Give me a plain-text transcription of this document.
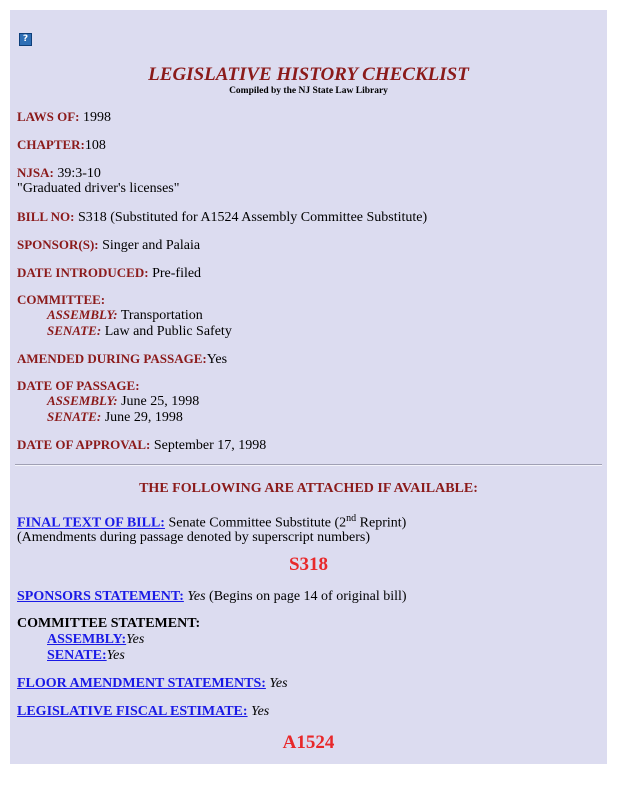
?
LEGISLATIVE HISTORY CHECKLIST
Compiled by the NJ State Law Library
LAWS OF: 1998
CHAPTER:108
NJSA: 39:3-10
"Graduated driver's licenses"
BILL NO: S318 (Substituted for A1524 Assembly Committee Substitute)
SPONSOR(S): Singer and Palaia
DATE INTRODUCED: Pre-filed
COMMITTEE:
ASSEMBLY: Transportation
SENATE: Law and Public Safety
AMENDED DURING PASSAGE:Yes
DATE OF PASSAGE:
ASSEMBLY: June 25, 1998
SENATE: June 29, 1998
DATE OF APPROVAL: September 17, 1998
THE FOLLOWING ARE ATTACHED IF AVAILABLE:
FINAL TEXT OF BILL: Senate Committee Substitute (2nd Reprint)
(Amendments during passage denoted by superscript numbers)
S318
SPONSORS STATEMENT: Yes (Begins on page 14 of original bill)
COMMITTEE STATEMENT:
ASSEMBLY:Yes
SENATE:Yes
FLOOR AMENDMENT STATEMENTS: Yes
LEGISLATIVE FISCAL ESTIMATE: Yes
A1524
